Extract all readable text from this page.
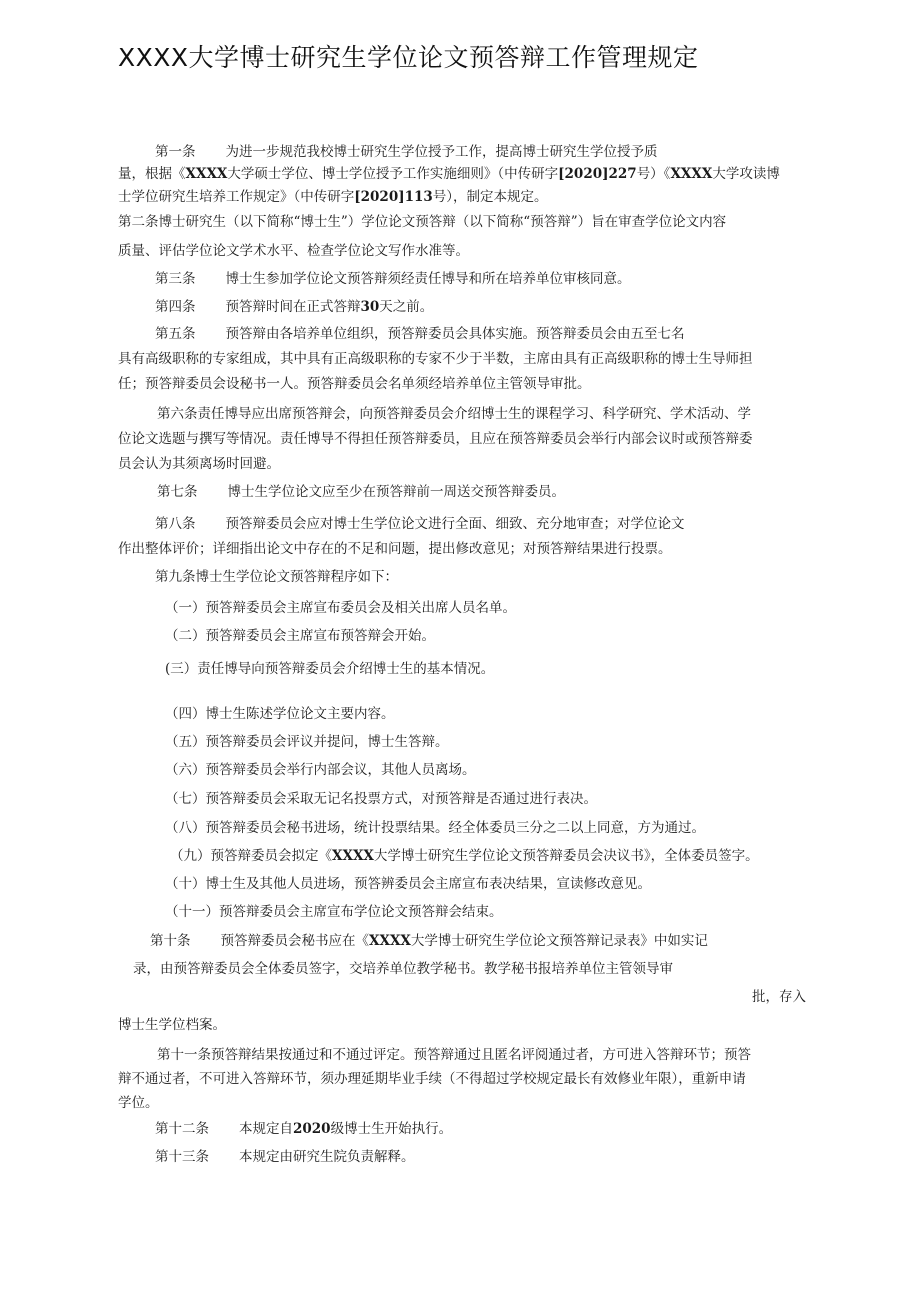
XXXX大学博士研究生学位论文预答辩工作管理规定
第一条 为进一步规范我校博士研究生学位授予工作，提高博士研究生学位授予质
量，根据《XXXX大学硕士学位、博士学位授予工作实施细则》（中传研字[2020]227号）《XXXX大学攻读博
士学位研究生培养工作规定》（中传研字[2020]113号），制定本规定。
第二条博士研究生（以下简称“博士生”）学位论文预答辩（以下简称“预答辩”）旨在审查学位论文内容
质量、评估学位论文学术水平、检查学位论文写作水准等。
第三条 博士生参加学位论文预答辩须经责任博导和所在培养单位审核同意。
第四条 预答辩时间在正式答辩30天之前。
第五条 预答辩由各培养单位组织，预答辩委员会具体实施。预答辩委员会由五至七名
具有高级职称的专家组成，其中具有正高级职称的专家不少于半数，主席由具有正高级职称的博士生导师担
任；预答辩委员会设秘书一人。预答辩委员会名单须经培养单位主管领导审批。
第六条责任博导应出席预答辩会，向预答辩委员会介绍博士生的课程学习、科学研究、学术活动、学
位论文选题与撰写等情况。责任博导不得担任预答辩委员，且应在预答辩委员会举行内部会议时或预答辩委
员会认为其须离场时回避。
第七条 博士生学位论文应至少在预答辩前一周送交预答辩委员。
第八条 预答辩委员会应对博士生学位论文进行全面、细致、充分地审查；对学位论文
作出整体评价；详细指出论文中存在的不足和问题，提出修改意见；对预答辩结果进行投票。
第九条博士生学位论文预答辩程序如下：
（一）预答辩委员会主席宣布委员会及相关出席人员名单。
（二）预答辩委员会主席宣布预答辩会开始。
(三）责任博导向预答辩委员会介绍博士生的基本情况。
（四）博士生陈述学位论文主要内容。
（五）预答辩委员会评议并提问，博士生答辩。
（六）预答辩委员会举行内部会议，其他人员离场。
（七）预答辩委员会采取无记名投票方式，对预答辩是否通过进行表决。
（八）预答辩委员会秘书进场，统计投票结果。经全体委员三分之二以上同意，方为通过。
（九）预答辩委员会拟定《XXXX大学博士研究生学位论文预答辩委员会决议书》，全体委员签字。
（十）博士生及其他人员进场，预答辨委员会主席宣布表决结果，宣读修改意见。
（十一）预答辩委员会主席宣布学位论文预答辩会结束。
第十条 预答辩委员会秘书应在《XXXX大学博士研究生学位论文预答辩记录表》中如实记
录，由预答辩委员会全体委员签字，交培养单位教学秘书。教学秘书报培养单位主管领导审
批，存入
博士生学位档案。
第十一条预答辩结果按通过和不通过评定。预答辩通过且匿名评阅通过者，方可进入答辩环节；预答
辩不通过者，不可进入答辩环节，须办理延期毕业手续（不得超过学校规定最长有效修业年限），重新申请
学位。
第十二条 本规定自2020级博士生开始执行。
第十三条 本规定由研究生院负责解释。
